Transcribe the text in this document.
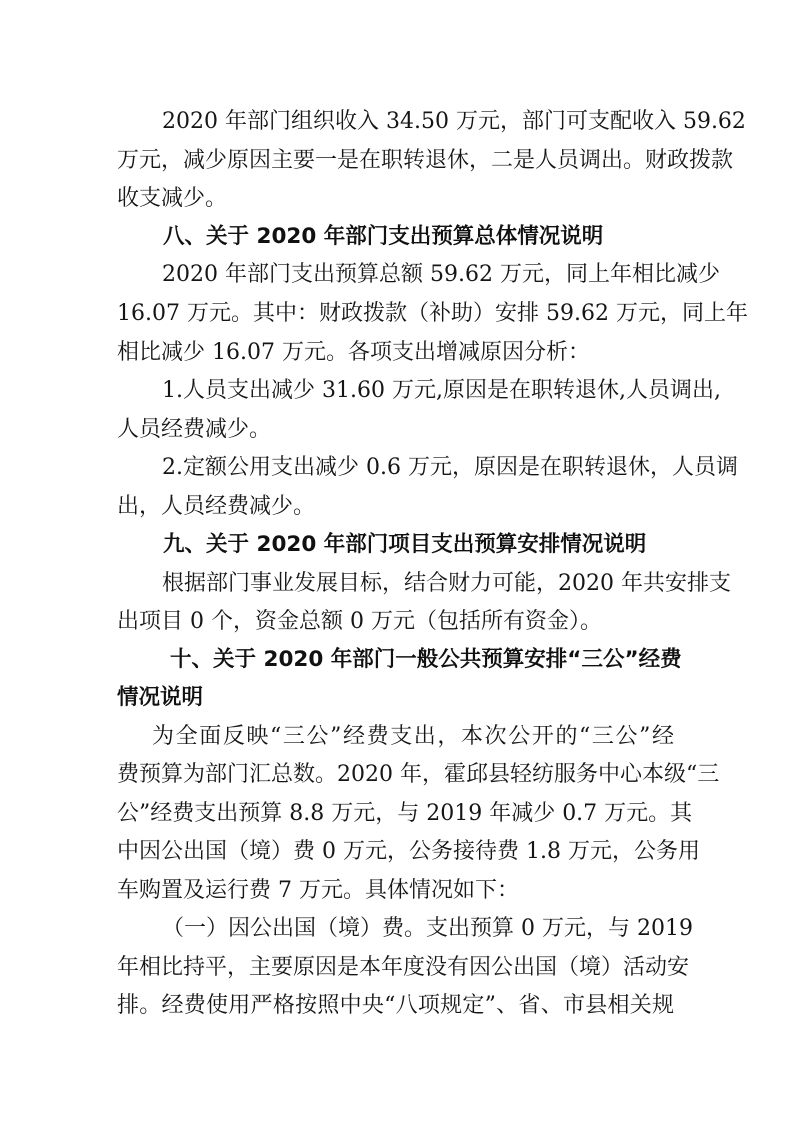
2020 年部门组织收入 34.50 万元，部门可支配收入 59.62
万元，减少原因主要一是在职转退休，二是人员调出。财政拨款
收支减少。
八、关于 2020 年部门支出预算总体情况说明
2020 年部门支出预算总额 59.62 万元，同上年相比减少
16.07 万元。其中：财政拨款（补助）安排 59.62 万元，同上年
相比减少 16.07 万元。各项支出增减原因分析：
1.人员支出减少 31.60 万元,原因是在职转退休,人员调出,
人员经费减少。
2.定额公用支出减少 0.6 万元，原因是在职转退休，人员调
出，人员经费减少。
九、关于 2020 年部门项目支出预算安排情况说明
根据部门事业发展目标，结合财力可能，2020 年共安排支
出项目 0 个，资金总额 0 万元（包括所有资金）。
十、关于 2020 年部门一般公共预算安排“三公”经费
情况说明
为全面反映“三公”经费支出，本次公开的“三公”经
费预算为部门汇总数。2020 年，霍邱县轻纺服务中心本级“三
公”经费支出预算 8.8 万元，与 2019 年减少 0.7 万元。其
中因公出国（境）费 0 万元，公务接待费 1.8 万元，公务用
车购置及运行费 7 万元。具体情况如下：
（一）因公出国（境）费。支出预算 0 万元，与 2019
年相比持平，主要原因是本年度没有因公出国（境）活动安
排。经费使用严格按照中央“八项规定”、省、市县相关规
